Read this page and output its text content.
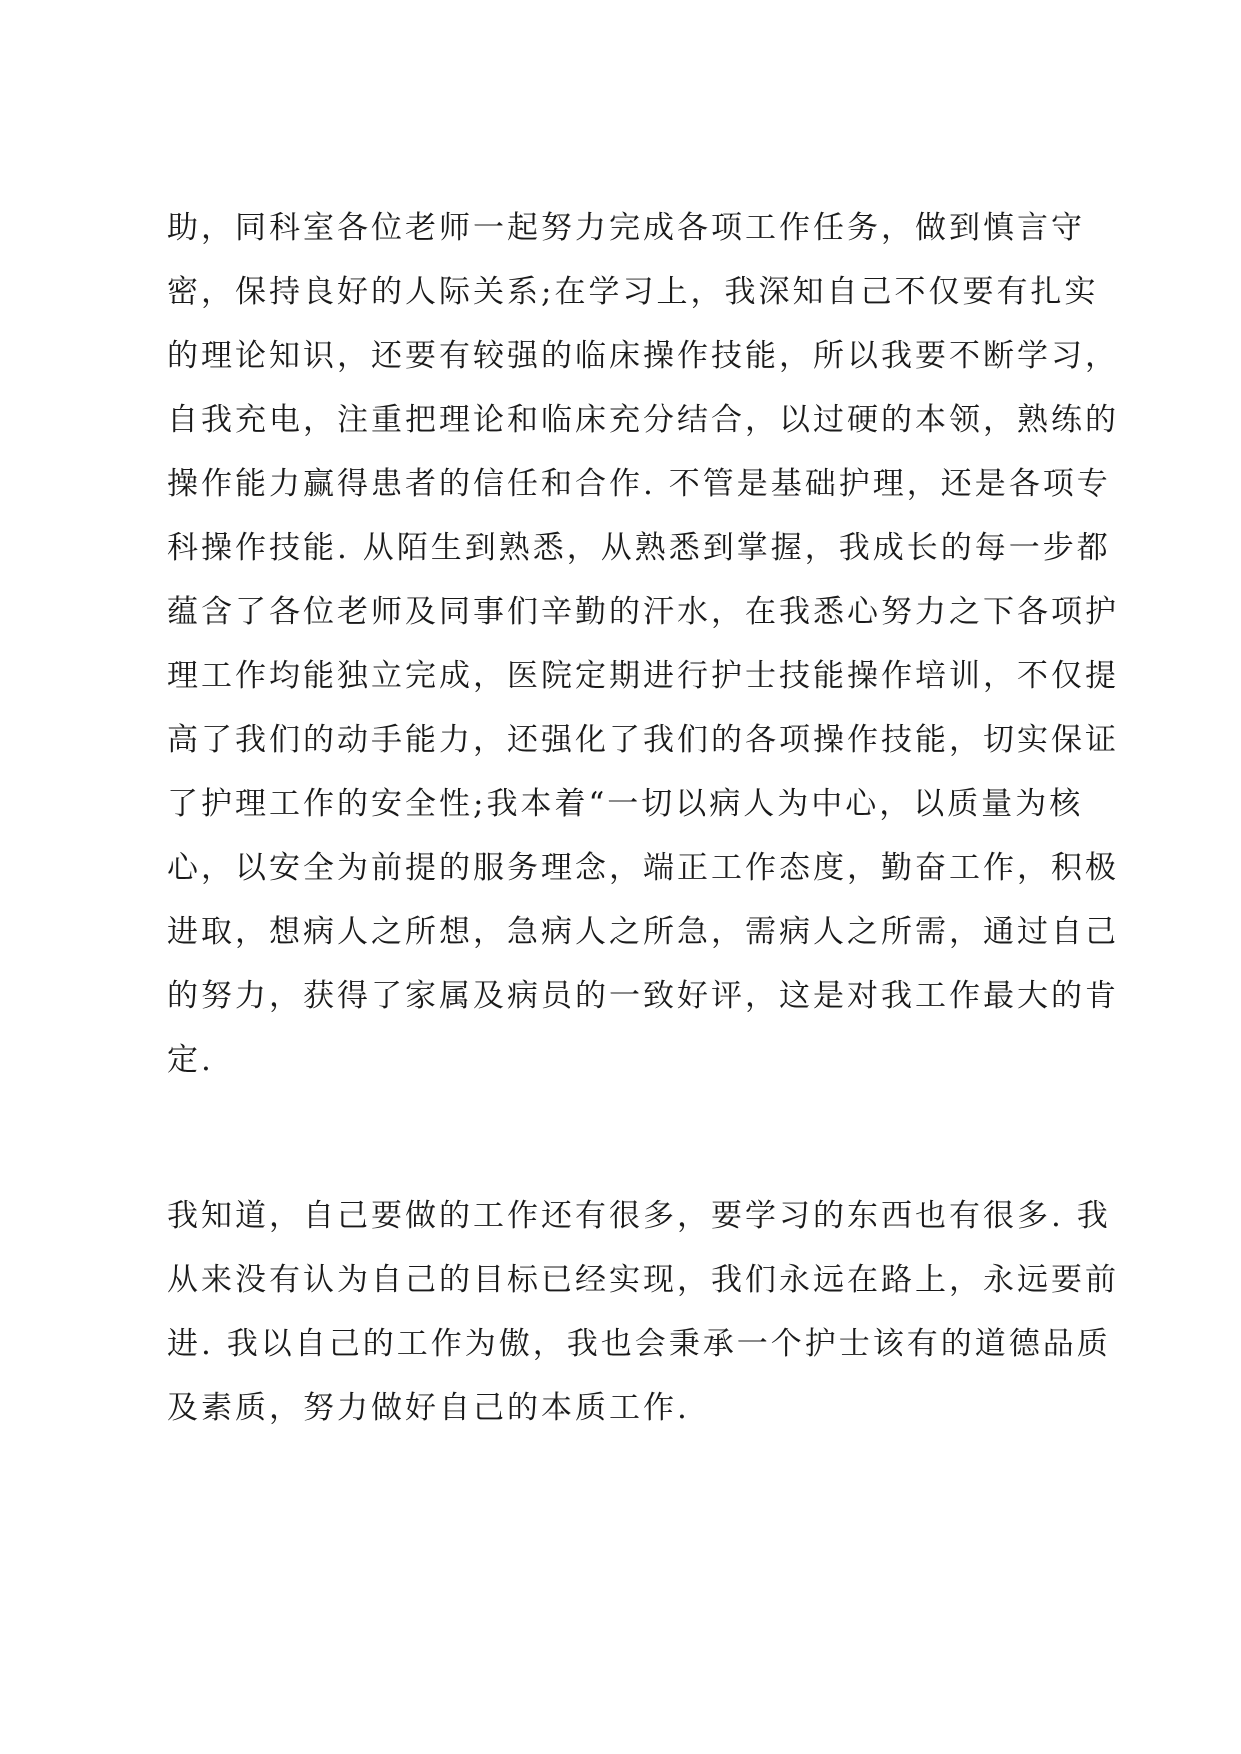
助，同科室各位老师一起努力完成各项工作任务，做到慎言守
密，保持良好的人际关系;在学习上，我深知自己不仅要有扎实
的理论知识，还要有较强的临床操作技能，所以我要不断学习，
自我充电，注重把理论和临床充分结合，以过硬的本领，熟练的
操作能力赢得患者的信任和合作. 不管是基础护理，还是各项专
科操作技能. 从陌生到熟悉，从熟悉到掌握，我成长的每一步都
蕴含了各位老师及同事们辛勤的汗水，在我悉心努力之下各项护
理工作均能独立完成，医院定期进行护士技能操作培训，不仅提
高了我们的动手能力，还强化了我们的各项操作技能，切实保证
了护理工作的安全性;我本着“一切以病人为中心，以质量为核
心，以安全为前提的服务理念，端正工作态度，勤奋工作，积极
进取，想病人之所想，急病人之所急，需病人之所需，通过自己
的努力，获得了家属及病员的一致好评，这是对我工作最大的肯
定.
我知道，自己要做的工作还有很多，要学习的东西也有很多. 我
从来没有认为自己的目标已经实现，我们永远在路上，永远要前
进. 我以自己的工作为傲，我也会秉承一个护士该有的道德品质
及素质，努力做好自己的本质工作.
